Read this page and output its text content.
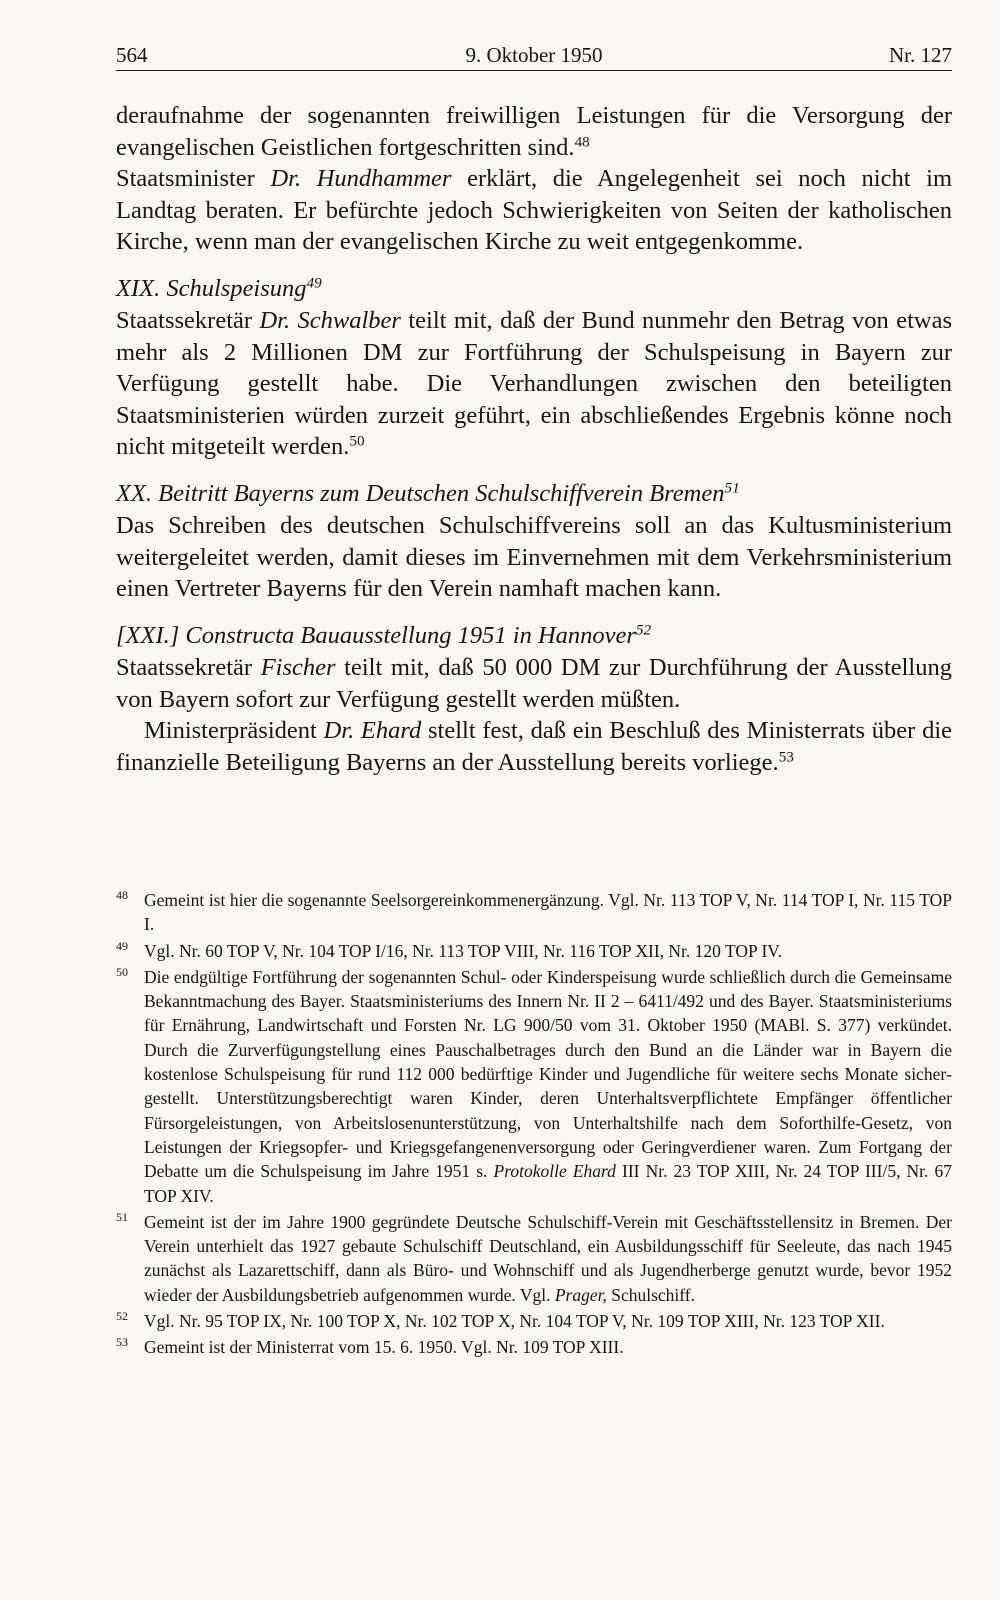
564	9. Oktober 1950	Nr. 127

deraufnahme der sogenannten freiwilligen Leistungen für die Versorgung der evangelischen Geistlichen fortgeschritten sind.$^{48}$

Staatsminister Dr. Hundhammer erklärt, die Angelegenheit sei noch nicht im Landtag beraten. Er befürchte jedoch Schwierigkeiten von Seiten der katholischen Kirche, wenn man der evangelischen Kirche zu weit entgegenkomme.

XIX. Schulspeisung$^{49}$

Staatssekretär Dr. Schwalber teilt mit, daß der Bund nunmehr den Betrag von etwas mehr als 2 Millionen DM zur Fortführung der Schulspeisung in Bayern zur Verfügung gestellt habe. Die Verhandlungen zwischen den beteiligten Staatsministerien würden zurzeit geführt, ein abschließendes Ergebnis könne noch nicht mitgeteilt werden.$^{50}$

XX. Beitritt Bayerns zum Deutschen Schulschiffverein Bremen$^{51}$

Das Schreiben des deutschen Schulschiffvereins soll an das Kultusministerium weitergeleitet werden, damit dieses im Einvernehmen mit dem Verkehrsministerium einen Vertreter Bayerns für den Verein namhaft machen kann.

[XXI.] Constructa Bauausstellung 1951 in Hannover$^{52}$

Staatssekretär Fischer teilt mit, daß 50 000 DM zur Durchführung der Ausstellung von Bayern sofort zur Verfügung gestellt werden müßten.

Ministerpräsident Dr. Ehard stellt fest, daß ein Beschluß des Ministerrats über die finanzielle Beteiligung Bayerns an der Ausstellung bereits vorliege.$^{53}$

48 Gemeint ist hier die sogenannte Seelsorgereinkommenergänzung. Vgl. Nr. 113 TOP V, Nr. 114 TOP I, Nr. 115 TOP I.

49 Vgl. Nr. 60 TOP V, Nr. 104 TOP I/16, Nr. 113 TOP VIII, Nr. 116 TOP XII, Nr. 120 TOP IV.

50 Die endgültige Fortführung der sogenannten Schul- oder Kinderspeisung wurde schließlich durch die Gemeinsame Bekanntmachung des Bayer. Staatsministeriums des Innern Nr. II 2 – 6411/492 und des Bayer. Staatsministeriums für Ernährung, Landwirtschaft und Forsten Nr. LG 900/50 vom 31. Oktober 1950 (MABl. S. 377) verkündet. Durch die Zurverfügungstellung eines Pauschalbetrages durch den Bund an die Länder war in Bayern die kostenlose Schulspeisung für rund 112 000 bedürftige Kinder und Jugendliche für weitere sechs Monate sichergestellt. Unterstützungsberechtigt waren Kinder, deren Unterhaltsverpflichtete Empfänger öffentlicher Fürsorgeleistungen, von Arbeitslosenunterstützung, von Unterhaltshilfe nach dem Soforthilfe-Gesetz, von Leistungen der Kriegsopfer- und Kriegsgefangenenversorgung oder Geringverdiener waren. Zum Fortgang der Debatte um die Schulspeisung im Jahre 1951 s. Protokolle Ehard III Nr. 23 TOP XIII, Nr. 24 TOP III/5, Nr. 67 TOP XIV.

51 Gemeint ist der im Jahre 1900 gegründete Deutsche Schulschiff-Verein mit Geschäftsstellensitz in Bremen. Der Verein unterhielt das 1927 gebaute Schulschiff Deutschland, ein Ausbildungsschiff für Seeleute, das nach 1945 zunächst als Lazarettschiff, dann als Büro- und Wohnschiff und als Jugendherberge genutzt wurde, bevor 1952 wieder der Ausbildungsbetrieb aufgenommen wurde. Vgl. Prager, Schulschiff.

52 Vgl. Nr. 95 TOP IX, Nr. 100 TOP X, Nr. 102 TOP X, Nr. 104 TOP V, Nr. 109 TOP XIII, Nr. 123 TOP XII.

53 Gemeint ist der Ministerrat vom 15. 6. 1950. Vgl. Nr. 109 TOP XIII.
